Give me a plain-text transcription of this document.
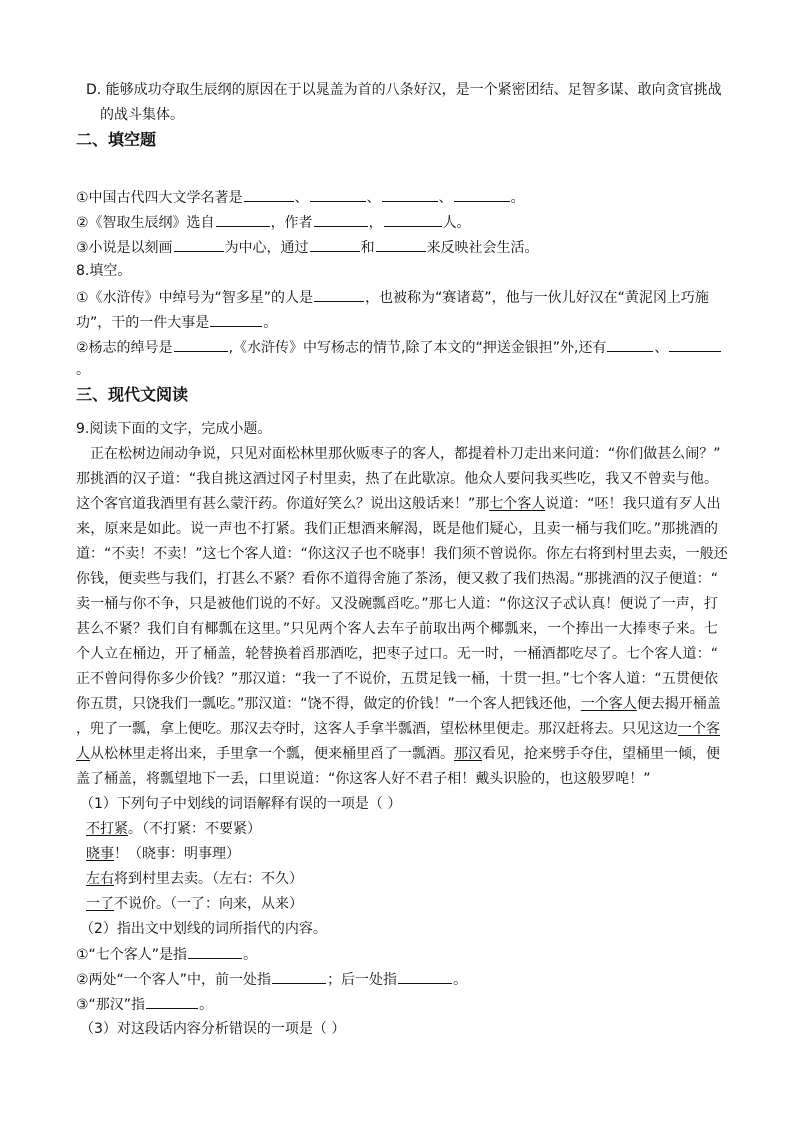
D. 能够成功夺取生辰纲的原因在于以晁盖为首的八条好汉，是一个紧密团结、足智多谋、敢向贪官挑战
的战斗集体。
二、填空题
①中国古代四大文学名著是	、	、	、	。
②《智取生辰纲》选自	，作者	，	人。
③小说是以刻画	为中心，通过	和	来反映社会生活。
8.填空。
①《水浒传》中绰号为“智多星”的人是	，也被称为“赛诸葛”，他与一伙儿好汉在“黄泥冈上巧施
功”，干的一件大事是	。
②杨志的绰号是	,《水浒传》中写杨志的情节,除了本文的“押送金银担”外,还有	、
。
三、现代文阅读
9.阅读下面的文字，完成小题。
正在松树边闹动争说，只见对面松林里那伙贩枣子的客人，都提着朴刀走出来问道：“你们做甚么闹？”
那挑酒的汉子道：“我自挑这酒过冈子村里卖，热了在此歇凉。他众人要问我买些吃，我又不曾卖与他。
这个客官道我酒里有甚么蒙汗药。你道好笑么？说出这般话来！”那七个客人说道：“呸！我只道有歹人出
来，原来是如此。说一声也不打紧。我们正想酒来解渴，既是他们疑心，且卖一桶与我们吃。”那挑酒的
道：“不卖！不卖！”这七个客人道：“你这汉子也不晓事！我们须不曾说你。你左右将到村里去卖，一般还
你钱，便卖些与我们，打甚么不紧？看你不道得舍施了茶汤，便又救了我们热渴。”那挑酒的汉子便道：“
卖一桶与你不争，只是被他们说的不好。又没碗瓢舀吃。”那七人道：“你这汉子忒认真！便说了一声，打
甚么不紧？我们自有椰瓢在这里。”只见两个客人去车子前取出两个椰瓢来，一个捧出一大捧枣子来。七
个人立在桶边，开了桶盖，轮替换着舀那酒吃，把枣子过口。无一时，一桶酒都吃尽了。七个客人道：“
正不曾问得你多少价钱？”那汉道：“我一了不说价，五贯足钱一桶，十贯一担。”七个客人道：“五贯便依
你五贯，只饶我们一瓢吃。”那汉道：“饶不得，做定的价钱！”一个客人把钱还他，一个客人便去揭开桶盖
，兜了一瓢，拿上便吃。那汉去夺时，这客人手拿半瓢酒，望松林里便走。那汉赶将去。只见这边一个客
人从松林里走将出来，手里拿一个瓢，便来桶里舀了一瓢酒。那汉看见，抢来劈手夺住，望桶里一倾，便
盖了桶盖，将瓢望地下一丢，口里说道：“你这客人好不君子相！戴头识脸的，也这般罗唣！”
（1）下列句子中划线的词语解释有误的一项是（ ）
不打紧。（不打紧：不要紧）
晓事！（晓事：明事理）
左右将到村里去卖。（左右：不久）
一了不说价。（一了：向来，从来）
（2）指出文中划线的词所指代的内容。
①“七个客人”是指	。
②两处“一个客人”中，前一处指	；后一处指	。
③“那汉”指	。
（3）对这段话内容分析错误的一项是（ ）
